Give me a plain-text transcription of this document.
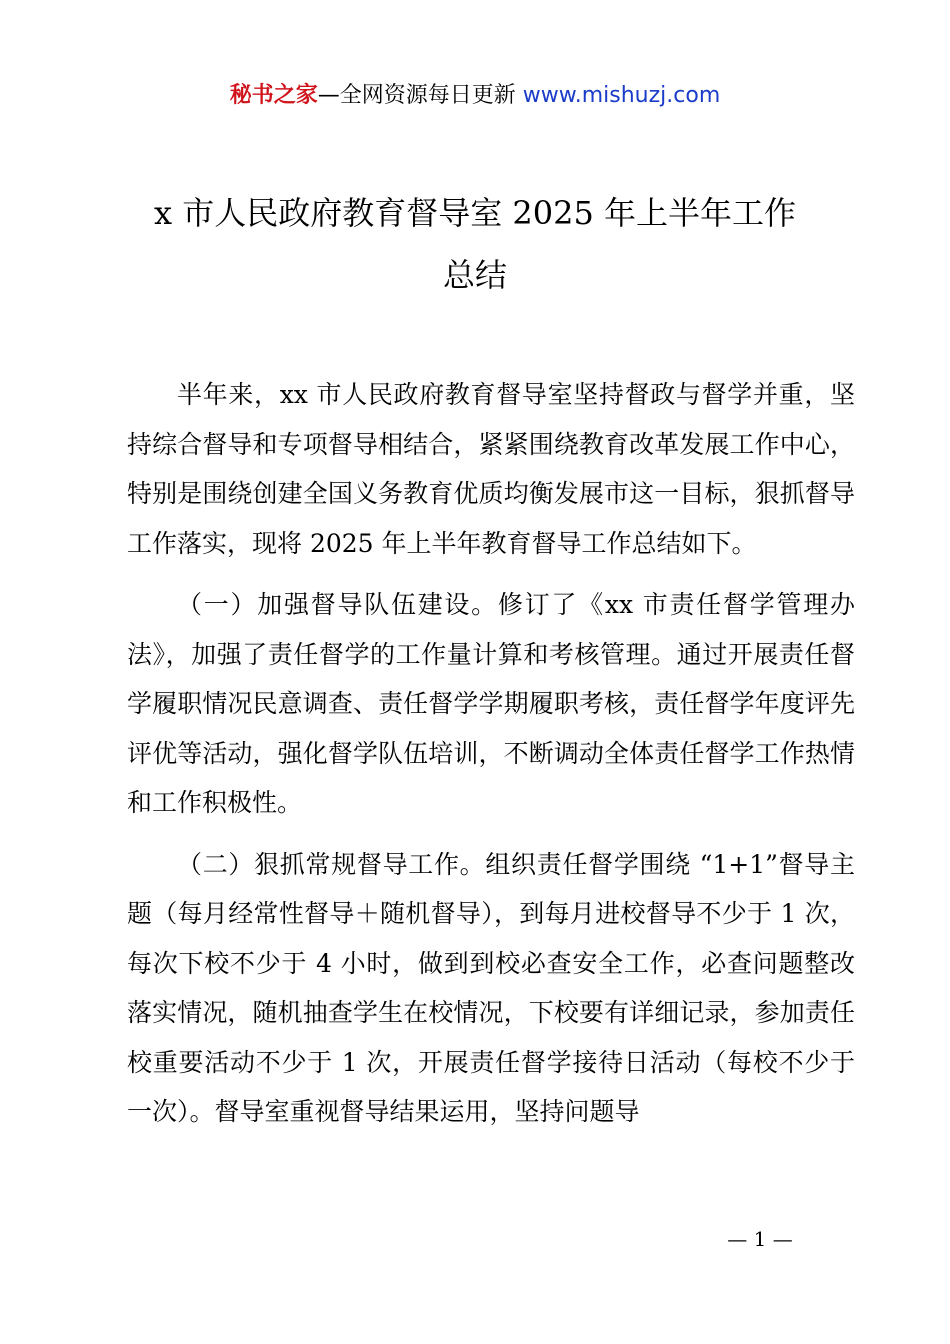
秘书之家—全网资源每日更新 www.mishuzj.com
x 市人民政府教育督导室 2025 年上半年工作
总结

半年来，xx 市人民政府教育督导室坚持督政与督学并重，坚持综合督导和专项督导相结合，紧紧围绕教育改革发展工作中心，特别是围绕创建全国义务教育优质均衡发展市这一目标，狠抓督导工作落实，现将 2025 年上半年教育督导工作总结如下。

（一）加强督导队伍建设。修订了《xx 市责任督学管理办法》，加强了责任督学的工作量计算和考核管理。通过开展责任督学履职情况民意调查、责任督学学期履职考核，责任督学年度评先评优等活动，强化督学队伍培训，不断调动全体责任督学工作热情和工作积极性。

（二）狠抓常规督导工作。组织责任督学围绕 “1+1”督导主题（每月经常性督导＋随机督导），到每月进校督导不少于 1 次，每次下校不少于 4 小时，做到到校必查安全工作，必查问题整改落实情况，随机抽查学生在校情况，下校要有详细记录，参加责任校重要活动不少于 1 次，开展责任督学接待日活动（每校不少于一次）。督导室重视督导结果运用，坚持问题导

— 1 —
